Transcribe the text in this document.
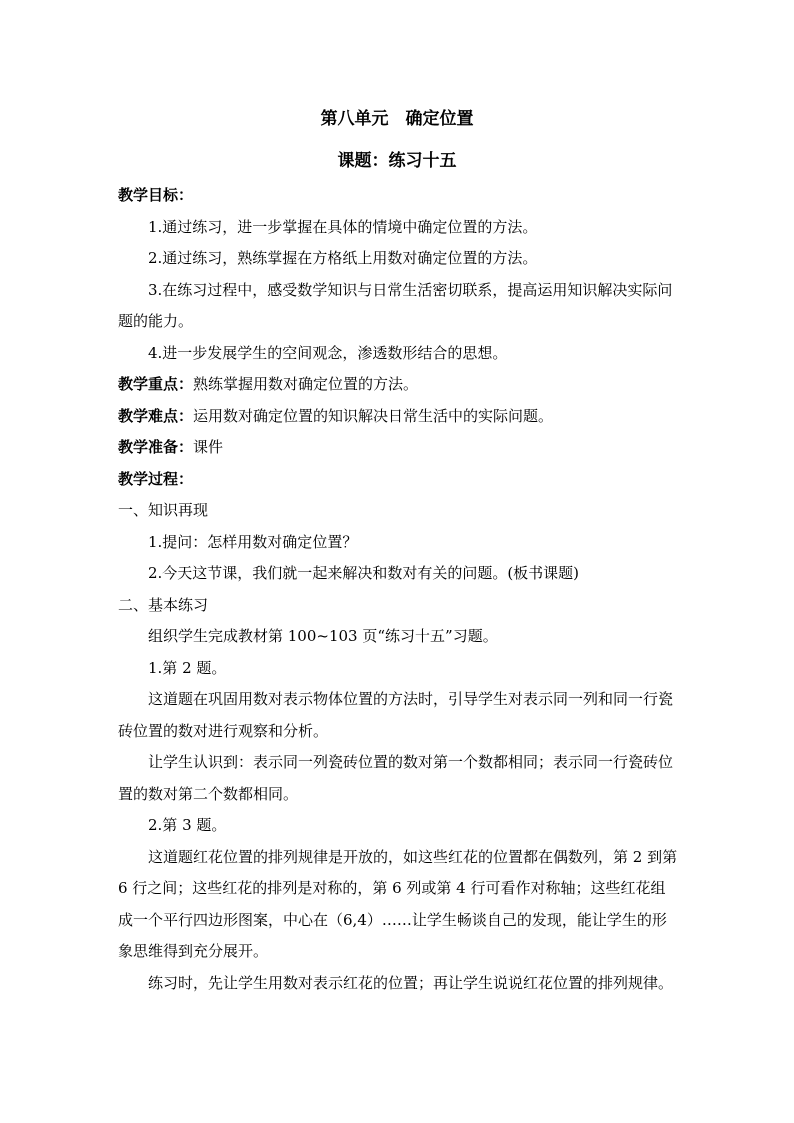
第八单元　确定位置
课题：练习十五

教学目标：

1.通过练习，进一步掌握在具体的情境中确定位置的方法。

2.通过练习，熟练掌握在方格纸上用数对确定位置的方法。

3.在练习过程中，感受数学知识与日常生活密切联系，提高运用知识解决实际问题的能力。

4.进一步发展学生的空间观念，渗透数形结合的思想。

教学重点：熟练掌握用数对确定位置的方法。

教学难点：运用数对确定位置的知识解决日常生活中的实际问题。

教学准备：课件

教学过程：

一、知识再现

1.提问：怎样用数对确定位置？

2.今天这节课，我们就一起来解决和数对有关的问题。(板书课题)

二、基本练习

组织学生完成教材第 100~103 页“练习十五”习题。

1.第 2 题。

这道题在巩固用数对表示物体位置的方法时，引导学生对表示同一列和同一行瓷砖位置的数对进行观察和分析。

让学生认识到：表示同一列瓷砖位置的数对第一个数都相同；表示同一行瓷砖位置的数对第二个数都相同。

2.第 3 题。

这道题红花位置的排列规律是开放的，如这些红花的位置都在偶数列，第 2 到第 6 行之间；这些红花的排列是对称的，第 6 列或第 4 行可看作对称轴；这些红花组成一个平行四边形图案，中心在（6,4）……让学生畅谈自己的发现，能让学生的形象思维得到充分展开。

练习时，先让学生用数对表示红花的位置；再让学生说说红花位置的排列规律。
